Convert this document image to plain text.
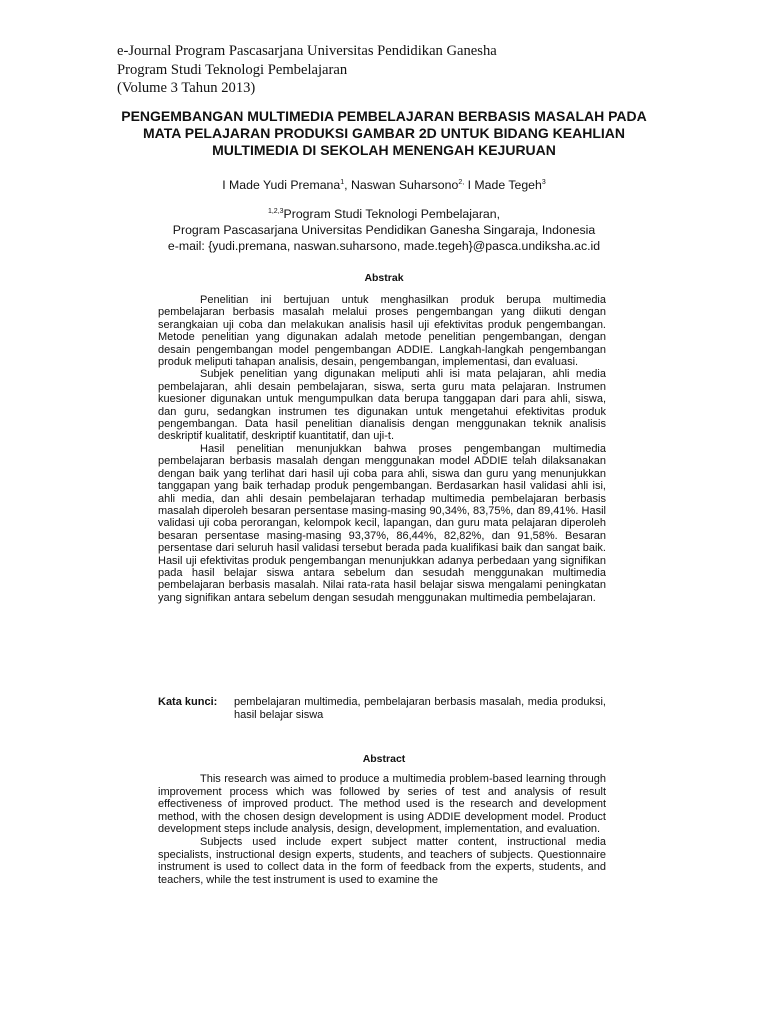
e-Journal Program Pascasarjana Universitas Pendidikan Ganesha
Program Studi Teknologi Pembelajaran
(Volume 3 Tahun 2013)
PENGEMBANGAN MULTIMEDIA PEMBELAJARAN BERBASIS MASALAH PADA
MATA PELAJARAN PRODUKSI GAMBAR 2D UNTUK BIDANG KEAHLIAN
MULTIMEDIA DI SEKOLAH MENENGAH KEJURUAN
I Made Yudi Premana$^1$, Naswan Suharsono$^{2,}$ I Made Tegeh$^3$
$^{1,2,3}$Program Studi Teknologi Pembelajaran,
Program Pascasarjana Universitas Pendidikan Ganesha Singaraja, Indonesia
e-mail: {yudi.premana, naswan.suharsono, made.tegeh}@pasca.undiksha.ac.id
Abstrak

Penelitian ini bertujuan untuk menghasilkan produk berupa multimedia pembelajaran berbasis masalah melalui proses pengembangan yang diikuti dengan serangkaian uji coba dan melakukan analisis hasil uji efektivitas produk pengembangan. Metode penelitian yang digunakan adalah metode penelitian pengembangan, dengan desain pengembangan model pengembangan ADDIE. Langkah-langkah pengembangan produk meliputi tahapan analisis, desain, pengembangan, implementasi, dan evaluasi.

Subjek penelitian yang digunakan meliputi ahli isi mata pelajaran, ahli media pembelajaran, ahli desain pembelajaran, siswa, serta guru mata pelajaran. Instrumen kuesioner digunakan untuk mengumpulkan data berupa tanggapan dari para ahli, siswa, dan guru, sedangkan instrumen tes digunakan untuk mengetahui efektivitas produk pengembangan. Data hasil penelitian dianalisis dengan menggunakan teknik analisis deskriptif kualitatif, deskriptif kuantitatif, dan uji-t.

Hasil penelitian menunjukkan bahwa proses pengembangan multimedia pembelajaran berbasis masalah dengan menggunakan model ADDIE telah dilaksanakan dengan baik yang terlihat dari hasil uji coba para ahli, siswa dan guru yang menunjukkan tanggapan yang baik terhadap produk pengembangan. Berdasarkan hasil validasi ahli isi, ahli media, dan ahli desain pembelajaran terhadap multimedia pembelajaran berbasis masalah diperoleh besaran persentase masing-masing 90,34%, 83,75%, dan 89,41%. Hasil validasi uji coba perorangan, kelompok kecil, lapangan, dan guru mata pelajaran diperoleh besaran persentase masing-masing 93,37%, 86,44%, 82,82%, dan 91,58%. Besaran persentase dari seluruh hasil validasi tersebut berada pada kualifikasi baik dan sangat baik. Hasil uji efektivitas produk pengembangan menunjukkan adanya perbedaan yang signifikan pada hasil belajar siswa antara sebelum dan sesudah menggunakan multimedia pembelajaran berbasis masalah. Nilai rata-rata hasil belajar siswa mengalami peningkatan yang signifikan antara sebelum dengan sesudah menggunakan multimedia pembelajaran.

Kata kunci: pembelajaran multimedia, pembelajaran berbasis masalah, media produksi, hasil belajar siswa
Abstract

This research was aimed to produce a multimedia problem-based learning through improvement process which was followed by series of test and analysis of result effectiveness of improved product. The method used is the research and development method, with the chosen design development is using ADDIE development model. Product development steps include analysis, design, development, implementation, and evaluation.

Subjects used include expert subject matter content, instructional media specialists, instructional design experts, students, and teachers of subjects. Questionnaire instrument is used to collect data in the form of feedback from the experts, students, and teachers, while the test instrument is used to examine the
